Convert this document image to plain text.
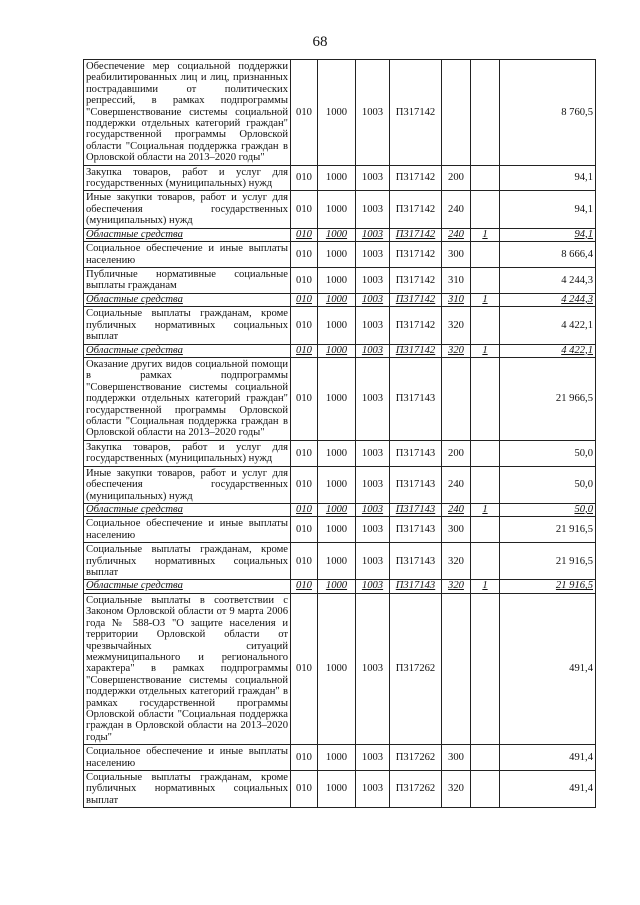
68
Обеспечение мер социальной поддержки реабилитированных лиц и лиц, признанных пострадавшими от политических репрессий, в рамках подпрограммы "Совершенствование системы социальной поддержки отдельных категорий граждан" государственной программы Орловской области "Социальная поддержка граждан в Орловской области на 2013–2020 годы"	010	1000	1003	П317142			8 760,5
Закупка товаров, работ и услуг для государственных (муниципальных) нужд	010	1000	1003	П317142	200		94,1
Иные закупки товаров, работ и услуг для обеспечения государственных (муниципальных) нужд	010	1000	1003	П317142	240		94,1
Областные средства	010	1000	1003	П317142	240	1	94,1
Социальное обеспечение и иные выплаты населению	010	1000	1003	П317142	300		8 666,4
Публичные нормативные социальные выплаты гражданам	010	1000	1003	П317142	310		4 244,3
Областные средства	010	1000	1003	П317142	310	1	4 244,3
Социальные выплаты гражданам, кроме публичных нормативных социальных выплат	010	1000	1003	П317142	320		4 422,1
Областные средства	010	1000	1003	П317142	320	1	4 422,1
Оказание других видов социальной помощи в рамках подпрограммы "Совершенствование системы социальной поддержки отдельных категорий граждан" государственной программы Орловской области "Социальная поддержка граждан в Орловской области на 2013–2020 годы"	010	1000	1003	П317143			21 966,5
Закупка товаров, работ и услуг для государственных (муниципальных) нужд	010	1000	1003	П317143	200		50,0
Иные закупки товаров, работ и услуг для обеспечения государственных (муниципальных) нужд	010	1000	1003	П317143	240		50,0
Областные средства	010	1000	1003	П317143	240	1	50,0
Социальное обеспечение и иные выплаты населению	010	1000	1003	П317143	300		21 916,5
Социальные выплаты гражданам, кроме публичных нормативных социальных выплат	010	1000	1003	П317143	320		21 916,5
Областные средства	010	1000	1003	П317143	320	1	21 916,5
Социальные выплаты в соответствии с Законом Орловской области от 9 марта 2006 года № 588-ОЗ "О защите населения и территории Орловской области от чрезвычайных ситуаций межмуниципального и регионального характера" в рамках подпрограммы "Совершенствование системы социальной поддержки отдельных категорий граждан" в рамках государственной программы Орловской области "Социальная поддержка граждан в Орловской области на 2013–2020 годы"	010	1000	1003	П317262			491,4
Социальное обеспечение и иные выплаты населению	010	1000	1003	П317262	300		491,4
Социальные выплаты гражданам, кроме публичных нормативных социальных выплат	010	1000	1003	П317262	320		491,4
